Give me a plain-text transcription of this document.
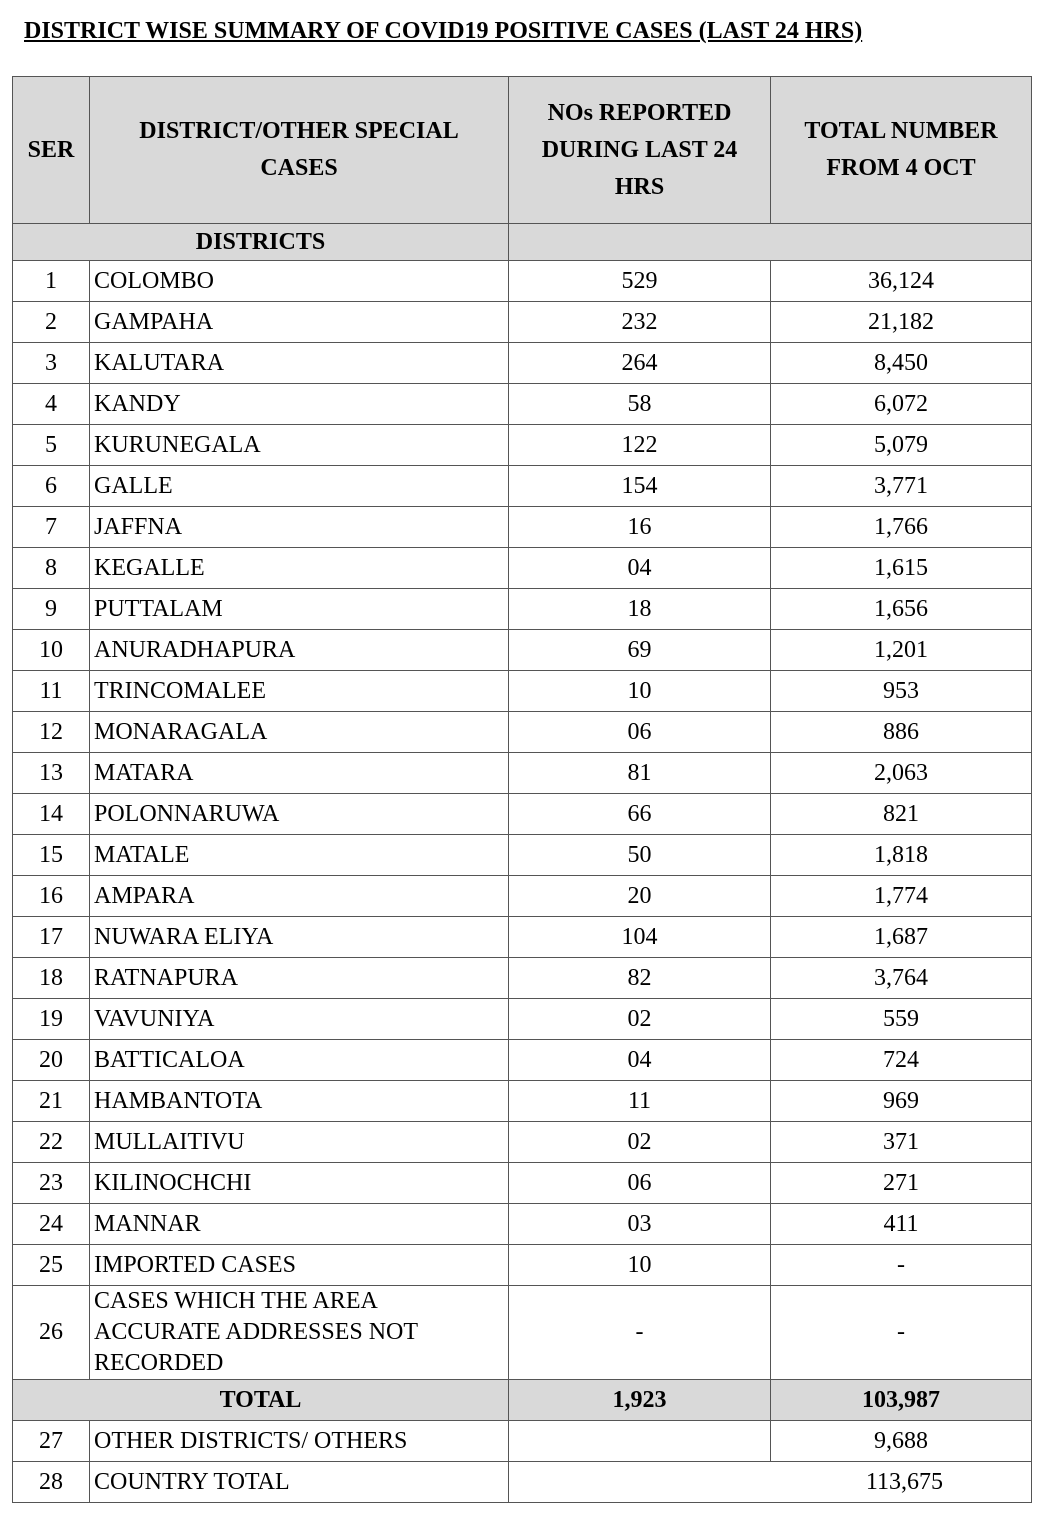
DISTRICT WISE SUMMARY OF COVID19 POSITIVE CASES (LAST 24 HRS)
SER	DISTRICT/OTHER SPECIAL CASES	NOs REPORTED DURING LAST 24 HRS	TOTAL NUMBER FROM 4 OCT
DISTRICTS			
1	COLOMBO	529	36,124
2	GAMPAHA	232	21,182
3	KALUTARA	264	8,450
4	KANDY	58	6,072
5	KURUNEGALA	122	5,079
6	GALLE	154	3,771
7	JAFFNA	16	1,766
8	KEGALLE	04	1,615
9	PUTTALAM	18	1,656
10	ANURADHAPURA	69	1,201
11	TRINCOMALEE	10	953
12	MONARAGALA	06	886
13	MATARA	81	2,063
14	POLONNARUWA	66	821
15	MATALE	50	1,818
16	AMPARA	20	1,774
17	NUWARA ELIYA	104	1,687
18	RATNAPURA	82	3,764
19	VAVUNIYA	02	559
20	BATTICALOA	04	724
21	HAMBANTOTA	11	969
22	MULLAITIVU	02	371
23	KILINOCHCHI	06	271
24	MANNAR	03	411
25	IMPORTED CASES	10	-
26	CASES WHICH THE AREA ACCURATE ADDRESSES NOT RECORDED	-	-
TOTAL		1,923	103,987
27	OTHER DISTRICTS/ OTHERS		9,688
28	COUNTRY TOTAL	113,675	
